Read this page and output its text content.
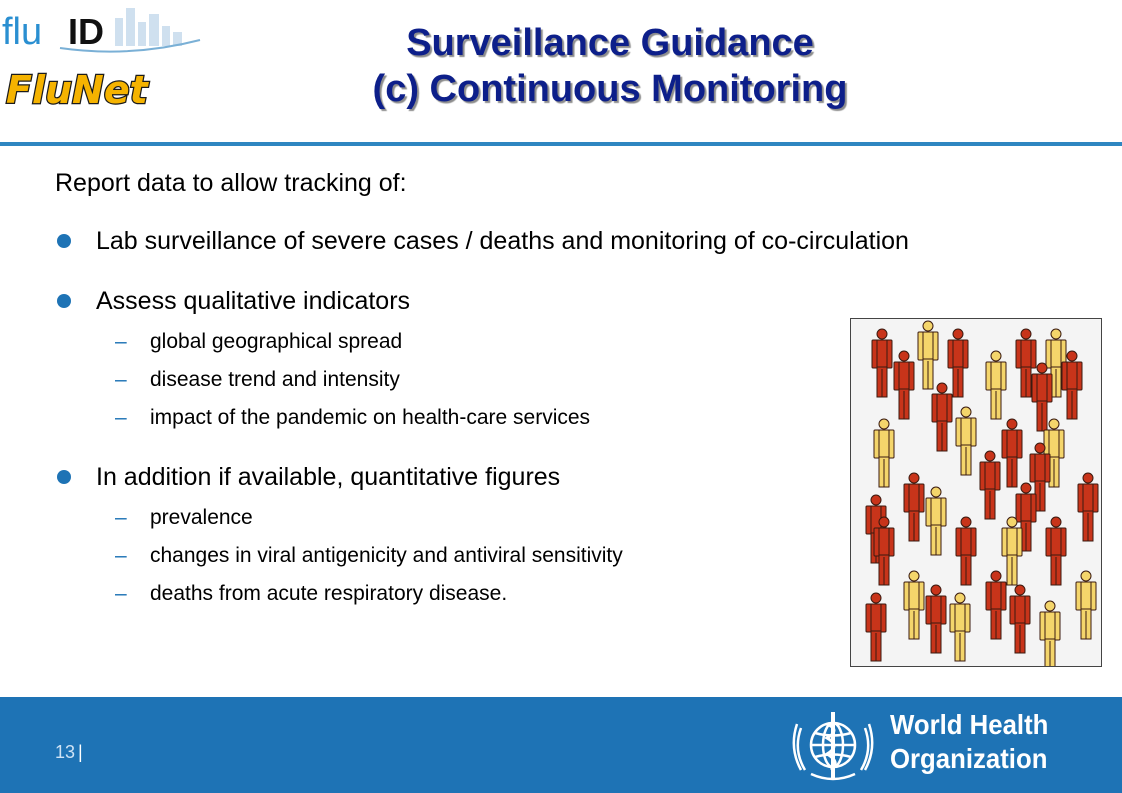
flu ID
FluNet
Surveillance Guidance
(c) Continuous Monitoring

Report data to allow tracking of:

Lab surveillance of severe cases / deaths and monitoring of co-circulation

Assess qualitative indicators

– global geographical spread
– disease trend and intensity
– impact of the pandemic on health-care services

In addition if available, quantitative figures

– prevalence
– changes in viral antigenicity and antiviral sensitivity
– deaths from acute respiratory disease.
13 |
World Health
Organization
